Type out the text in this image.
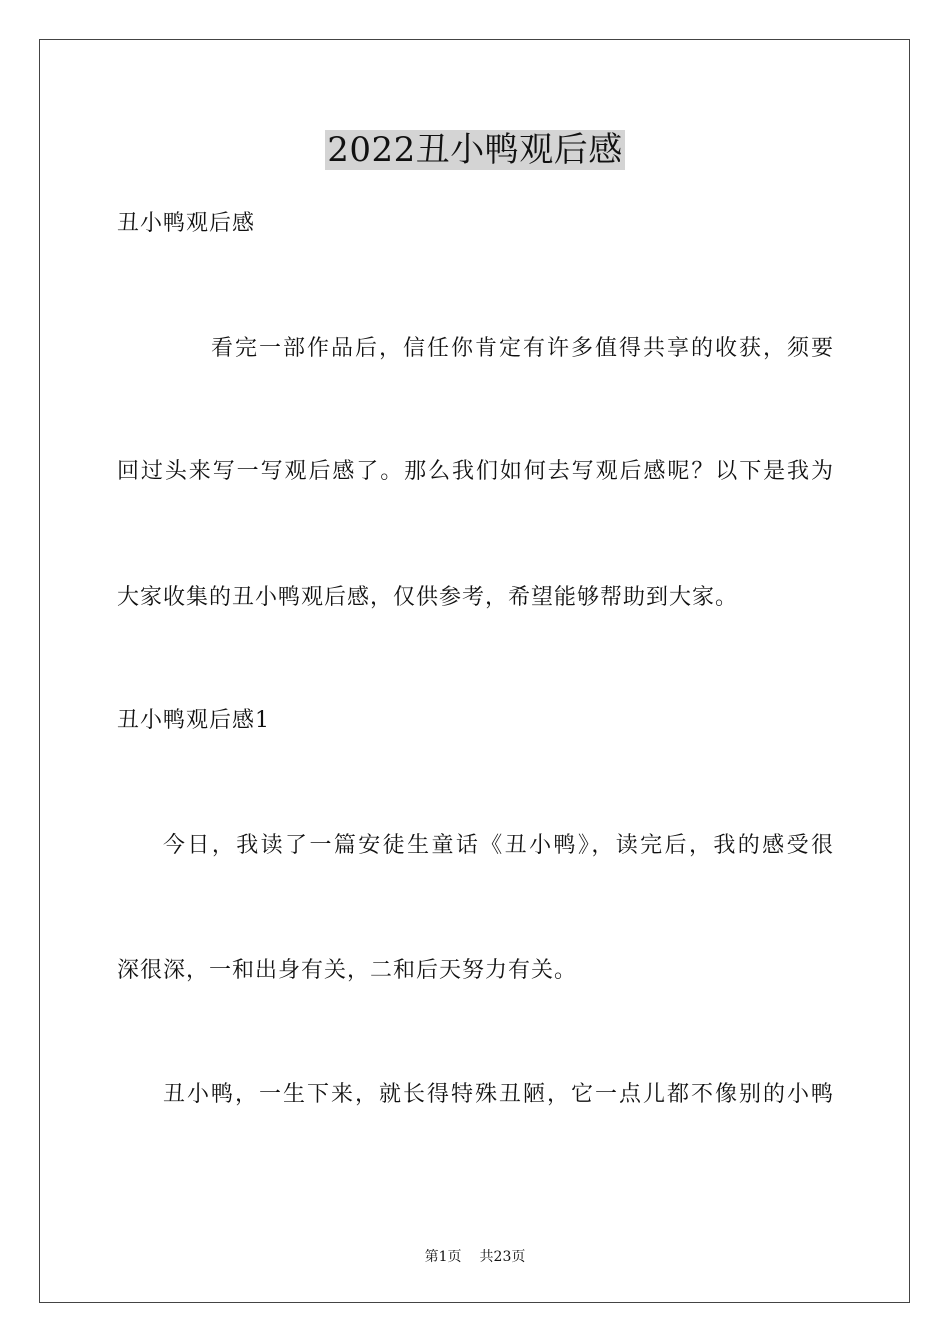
2022丑小鸭观后感
丑小鸭观后感
看完一部作品后，信任你肯定有许多值得共享的收获，须要
回过头来写一写观后感了。那么我们如何去写观后感呢？以下是我为
大家收集的丑小鸭观后感，仅供参考，希望能够帮助到大家。
丑小鸭观后感1
今日，我读了一篇安徒生童话《丑小鸭》，读完后，我的感受很
深很深，一和出身有关，二和后天努力有关。
丑小鸭，一生下来，就长得特殊丑陋，它一点儿都不像别的小鸭
第1页 共23页
